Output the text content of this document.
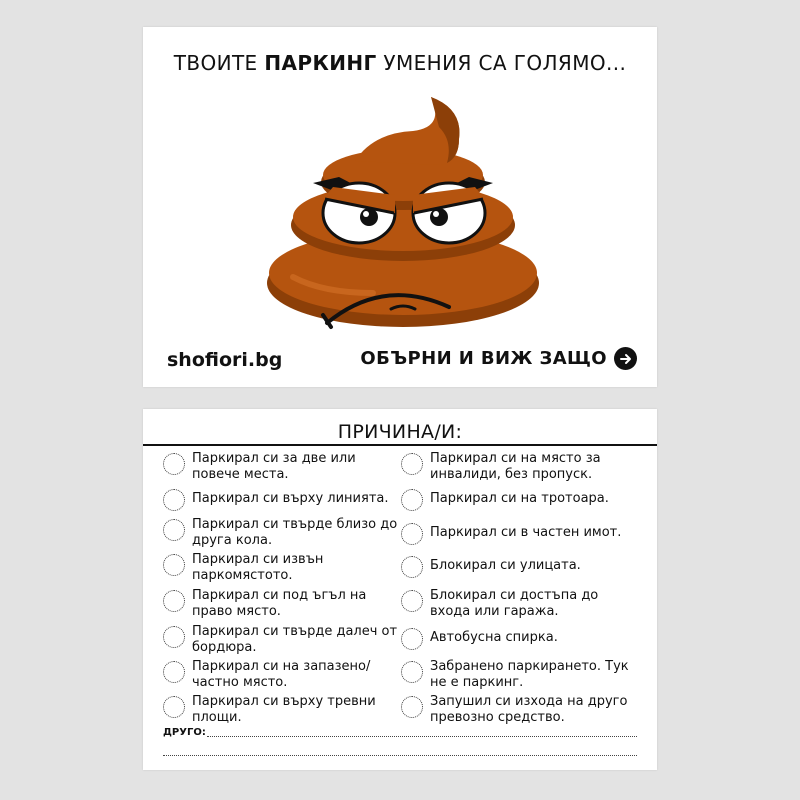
ТВОИТЕ ПАРКИНГ УМЕНИЯ СА ГОЛЯМО...
shofiori.bg	ОБЪРНИ И ВИЖ ЗАЩО
ПРИЧИНА/И:
Паркирал си за две или повече места.
Паркирал си върху линията.
Паркирал си твърде близо до друга кола.
Паркирал си извън паркомястото.
Паркирал си под ъгъл на право място.
Паркирал си твърде далеч от бордюра.
Паркирал си на запазено/частно място.
Паркирал си върху тревни площи.
Паркирал си на място за инвалиди, без пропуск.
Паркирал си на тротоара.
Паркирал си в частен имот.
Блокирал си улицата.
Блокирал си достъпа до входа или гаража.
Автобусна спирка.
Забранено паркирането. Тук не е паркинг.
Запушил си изхода на друго превозно средство.
ДРУГО:
